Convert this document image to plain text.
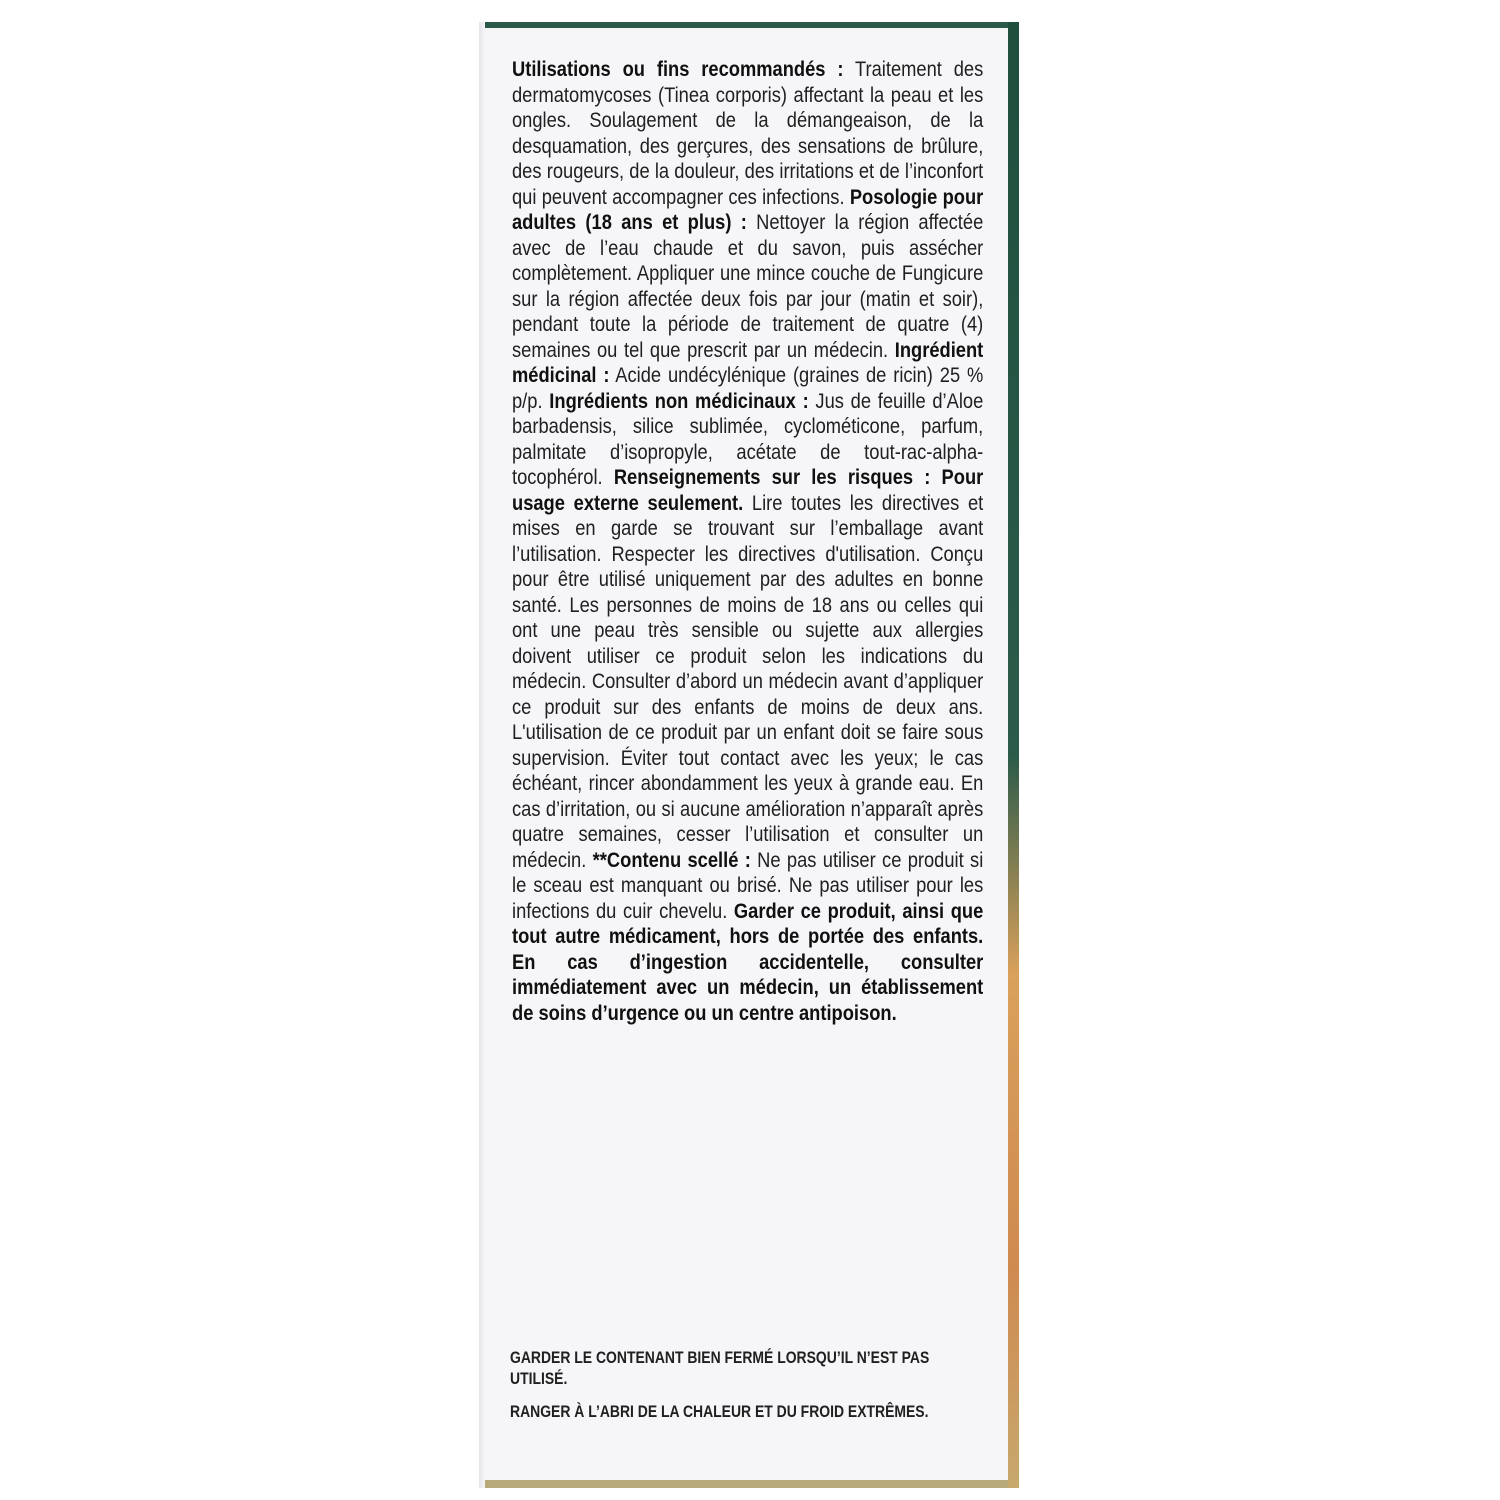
Utilisations ou fins recommandés : Traitement des dermatomycoses (Tinea corporis) affectant la peau et les ongles. Soulagement de la démangeaison, de la desquamation, des gerçures, des sensations de brûlure, des rougeurs, de la douleur, des irritations et de l’inconfort qui peuvent accompagner ces infections. Posologie pour adultes (18 ans et plus) : Nettoyer la région affectée avec de l’eau chaude et du savon, puis assécher complètement. Appliquer une mince couche de Fungicure sur la région affectée deux fois par jour (matin et soir), pendant toute la période de traitement de quatre (4) semaines ou tel que prescrit par un médecin. Ingrédient médicinal : Acide undécylénique (graines de ricin) 25 % p/p. Ingrédients non médicinaux : Jus de feuille d’Aloe barbadensis, silice sublimée, cyclométicone, parfum, palmitate d’isopropyle, acétate de tout-rac-alpha-tocophérol. Renseignements sur les risques : Pour usage externe seulement. Lire toutes les directives et mises en garde se trouvant sur l’emballage avant l’utilisation. Respecter les directives d'utilisation. Conçu pour être utilisé uniquement par des adultes en bonne santé. Les personnes de moins de 18 ans ou celles qui ont une peau très sensible ou sujette aux allergies doivent utiliser ce produit selon les indications du médecin. Consulter d’abord un médecin avant d’appliquer ce produit sur des enfants de moins de deux ans. L'utilisation de ce produit par un enfant doit se faire sous supervision. Éviter tout contact avec les yeux; le cas échéant, rincer abondamment les yeux à grande eau. En cas d’irritation, ou si aucune amélioration n’apparaît après quatre semaines, cesser l’utilisation et consulter un médecin. **Contenu scellé : Ne pas utiliser ce produit si le sceau est manquant ou brisé. Ne pas utiliser pour les infections du cuir chevelu. Garder ce produit, ainsi que tout autre médicament, hors de portée des enfants. En cas d’ingestion accidentelle, consulter immédiatement avec un médecin, un établissement de soins d’urgence ou un centre antipoison.
GARDER LE CONTENANT BIEN FERMÉ LORSQU’IL N’EST PAS UTILISÉ.
RANGER À L’ABRI DE LA CHALEUR ET DU FROID EXTRÊMES.
